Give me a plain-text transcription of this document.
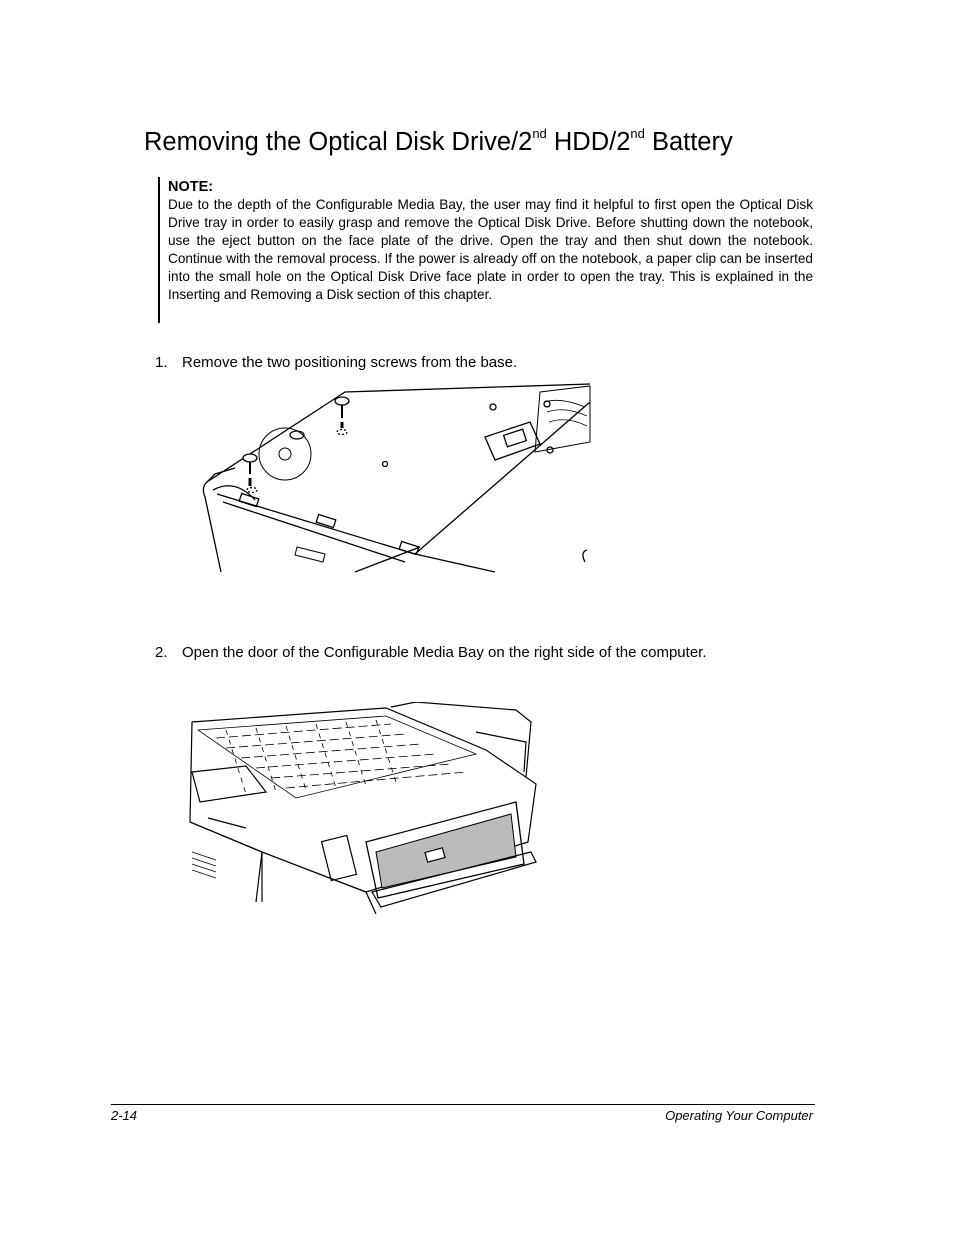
Removing the Optical Disk Drive/2nd HDD/2nd Battery
NOTE:
Due to the depth of the Configurable Media Bay, the user may find it helpful to first open the Optical Disk Drive tray in order to easily grasp and remove the Optical Disk Drive. Before shutting down the notebook, use the eject button on the face plate of the drive. Open the tray and then shut down the notebook. Continue with the removal process. If the power is already off on the notebook, a paper clip can be inserted into the small hole on the Optical Disk Drive face plate in order to open the tray. This is explained in the Inserting and Removing a Disk section of this chapter.
1. Remove the two positioning screws from the base.
2. Open the door of the Configurable Media Bay on the right side of the computer.
2-14	Operating Your Computer
